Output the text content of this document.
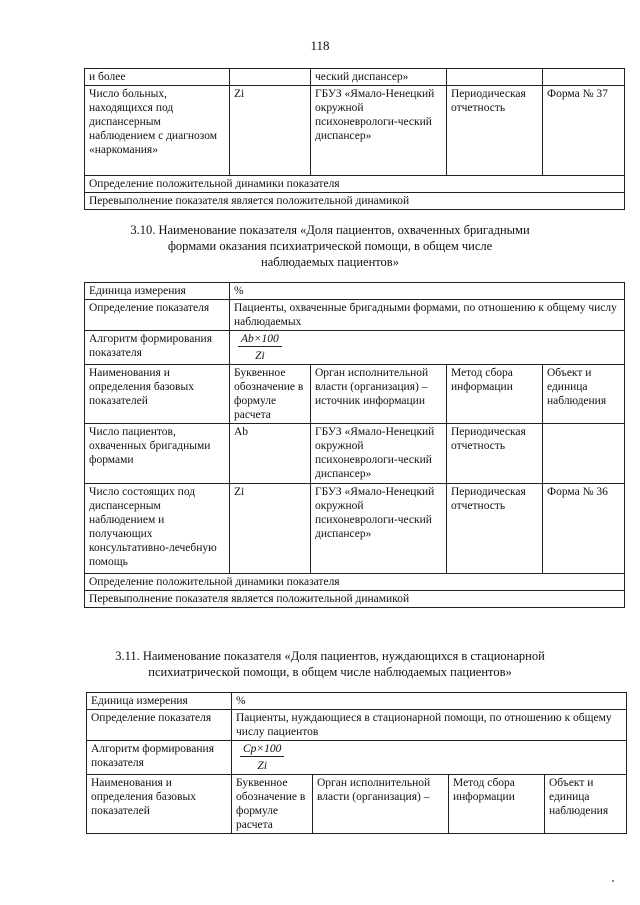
118
и более		ческий диспансер»		
Число больных, находящихся под диспансерным наблюдением с диагнозом «наркомания»	Zi	ГБУЗ «Ямало-Ненецкий окружной психоневрологи-ческий диспансер»	Периодическая отчетность	Форма № 37
Определение положительной динамики показателя				
Перевыполнение показателя является положительной динамикой				
3.10. Наименование показателя «Доля пациентов, охваченных бригадными
формами оказания психиатрической помощи, в общем числе
наблюдаемых пациентов»
Единица измерения	%			
Определение показателя	Пациенты, охваченные бригадными формами, по отношению к общему числу наблюдаемых			
Алгоритм формирования показателя	$\frac{Ab\times 100}{Zi}$

Наименования и определения базовых показателей	Буквенное обозначение в формуле расчета	Орган исполнительной власти (организация) – источник информации	Метод сбора информации	Объект и единица наблюдения
Число пациентов, охваченных бригадными формами	Ab	ГБУЗ «Ямало-Ненецкий окружной психоневрологи-ческий диспансер»	Периодическая отчетность	
Число состоящих под диспансерным наблюдением и получающих консультативно-лечебную помощь	Zi	ГБУЗ «Ямало-Ненецкий окружной психоневрологи-ческий диспансер»	Периодическая отчетность	Форма № 36
Определение положительной динамики показателя				
Перевыполнение показателя является положительной динамикой				
3.11. Наименование показателя «Доля пациентов, нуждающихся в стационарной
психиатрической помощи, в общем числе наблюдаемых пациентов»
Единица измерения	%			
Определение показателя	Пациенты, нуждающиеся в стационарной помощи, по отношению к общему числу пациентов			
Алгоритм формирования показателя	$\frac{Cp\times 100}{Zi}$

Наименования и определения базовых показателей	Буквенное обозначение в формуле расчета	Орган исполнительной власти (организация) –	Метод сбора информации	Объект и единица наблюдения
